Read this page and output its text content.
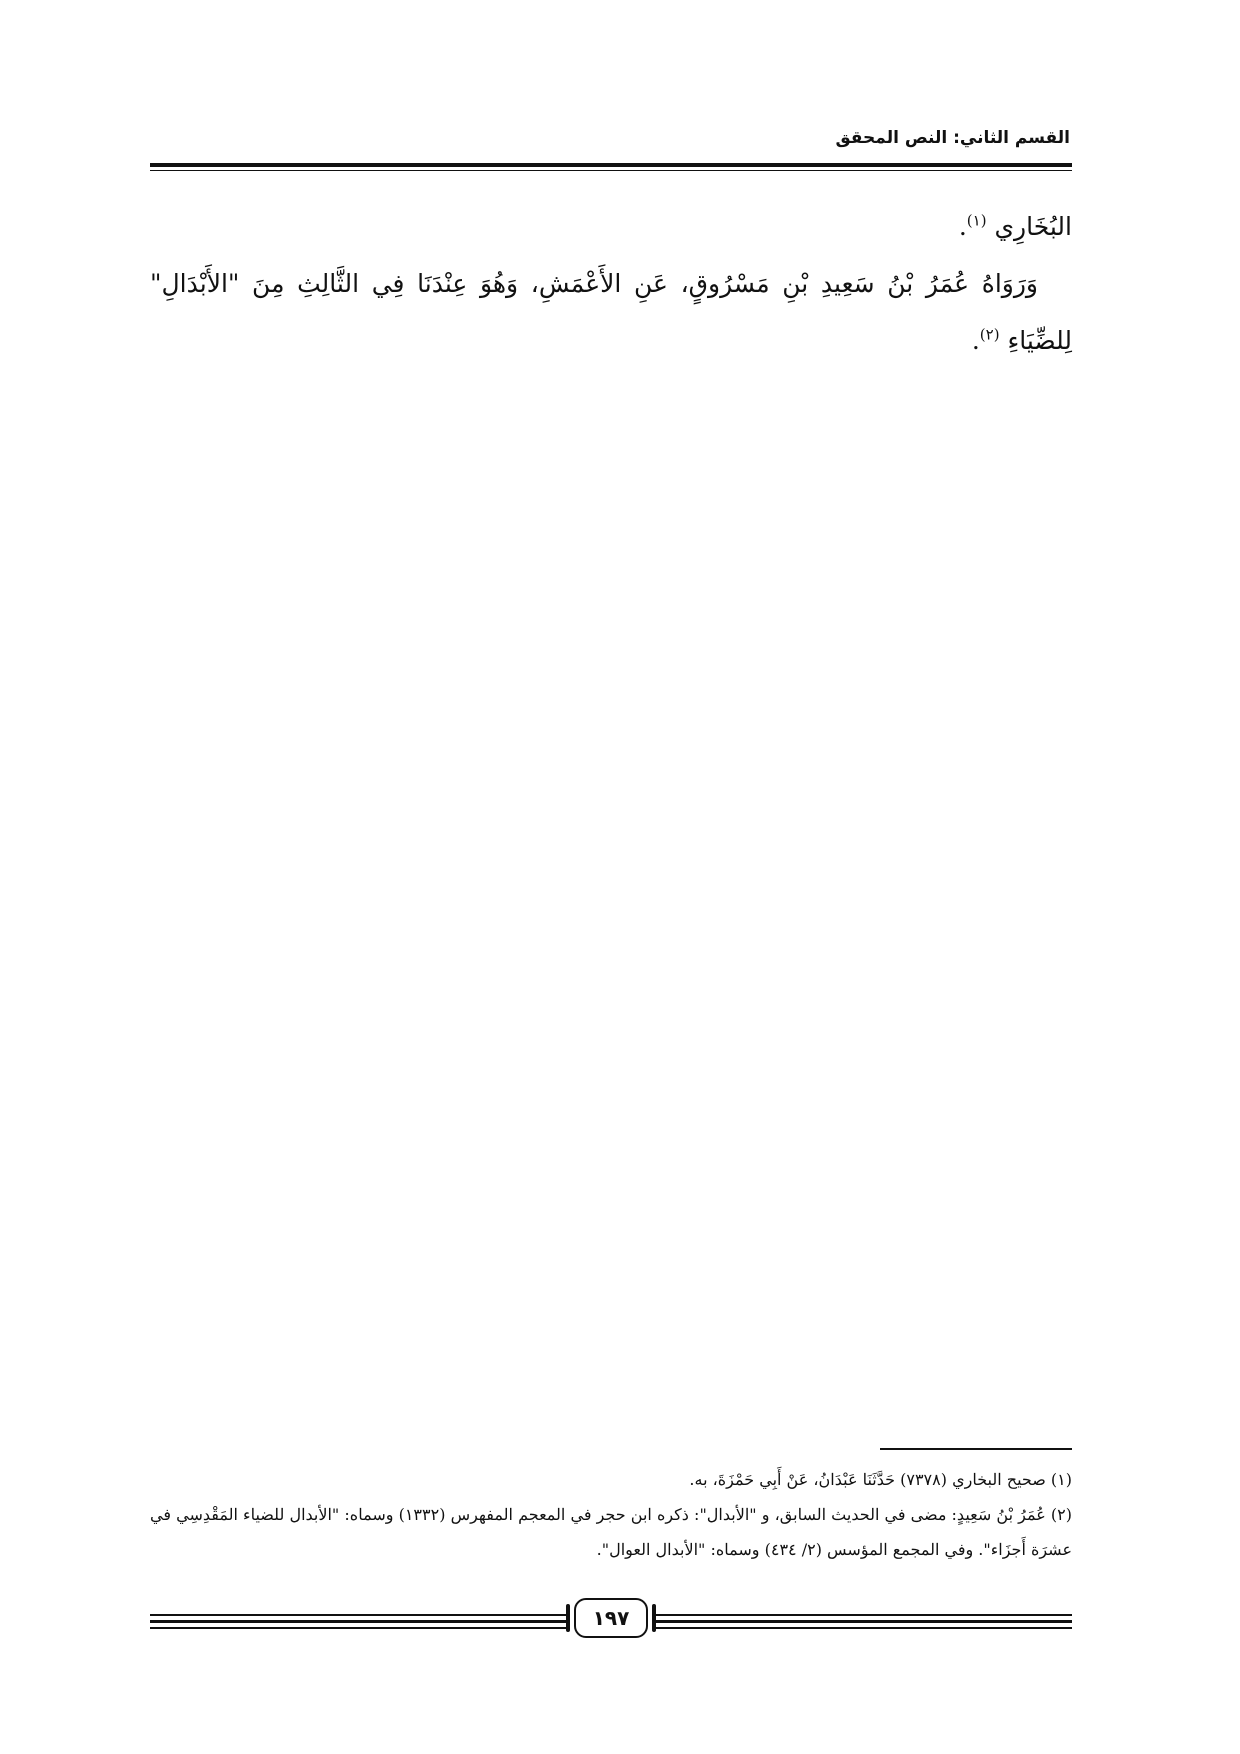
القسم الثاني: النص المحقق

البُخَارِي $^{(١)}$.

وَرَوَاهُ عُمَرُ بْنُ سَعِيدِ بْنِ مَسْرُوقٍ، عَنِ الأَعْمَشِ، وَهُوَ عِنْدَنَا فِي الثَّالِثِ مِنَ "الأَبْدَالِ" لِلضِّيَاءِ $^{(٢)}$.

(١) صحيح البخاري (٧٣٧٨) حَدَّثَنَا عَبْدَانُ، عَنْ أَبِي حَمْزَةَ، به.

(٢) عُمَرُ بْنُ سَعِيدٍ: مضى في الحديث السابق، و "الأبدال": ذكره ابن حجر في المعجم المفهرس (١٣٣٢) وسماه: "الأبدال للضياء المَقْدِسِي في عشرَة أَجزَاء". وفي المجمع المؤسس (٢/ ٤٣٤) وسماه: "الأبدال العوال".

١٩٧
